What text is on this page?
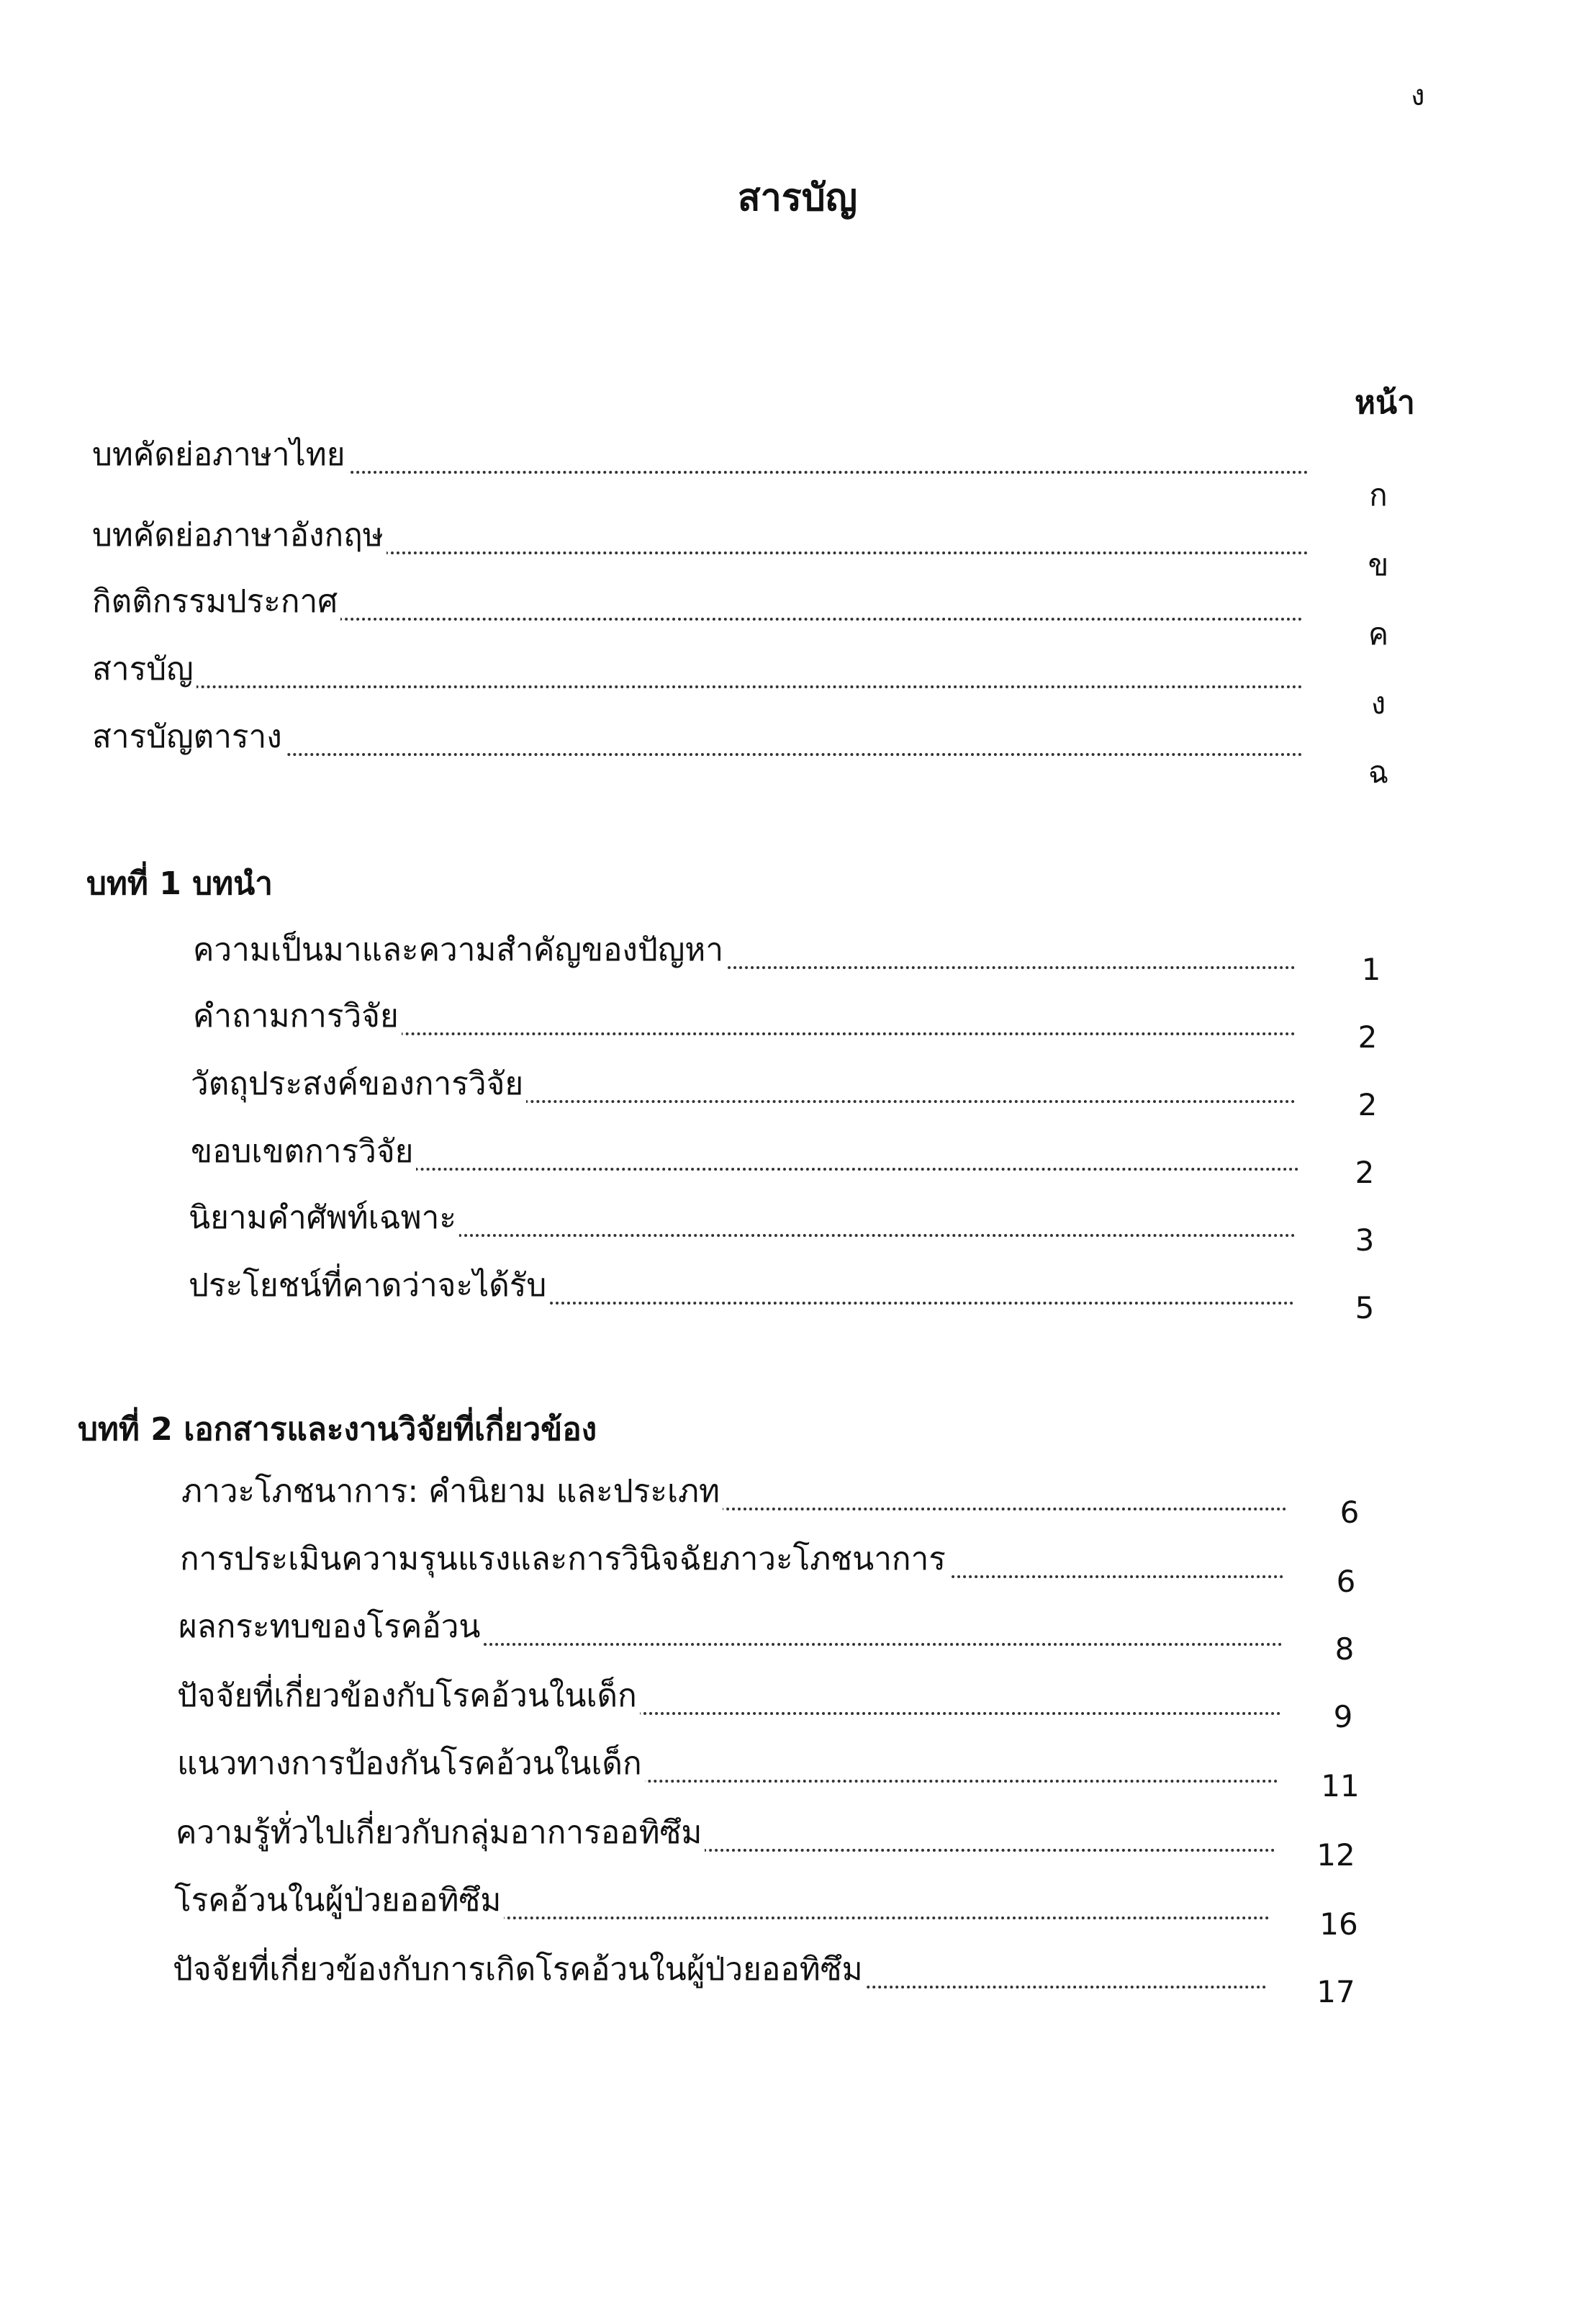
ง
สารบัญ
หน้า
บทคัดย่อภาษาไทย
ก
บทคัดย่อภาษาอังกฤษ
ข
กิตติกรรมประกาศ
ค
สารบัญ
ง
สารบัญตาราง
ฉ
บทที่ 1 บทนำ
ความเป็นมาและความสำคัญของปัญหา
1
คำถามการวิจัย
2
วัตถุประสงค์ของการวิจัย
2
ขอบเขตการวิจัย
2
นิยามคำศัพท์เฉพาะ
3
ประโยชน์ที่คาดว่าจะได้รับ
5
บทที่ 2 เอกสารและงานวิจัยที่เกี่ยวข้อง
ภาวะโภชนาการ: คำนิยาม และประเภท
6
การประเมินความรุนแรงและการวินิจฉัยภาวะโภชนาการ
6
ผลกระทบของโรคอ้วน
8
ปัจจัยที่เกี่ยวข้องกับโรคอ้วนในเด็ก
9
แนวทางการป้องกันโรคอ้วนในเด็ก
11
ความรู้ทั่วไปเกี่ยวกับกลุ่มอาการออทิซึม
12
โรคอ้วนในผู้ป่วยออทิซึม
16
ปัจจัยที่เกี่ยวข้องกับการเกิดโรคอ้วนในผู้ป่วยออทิซึม
17
